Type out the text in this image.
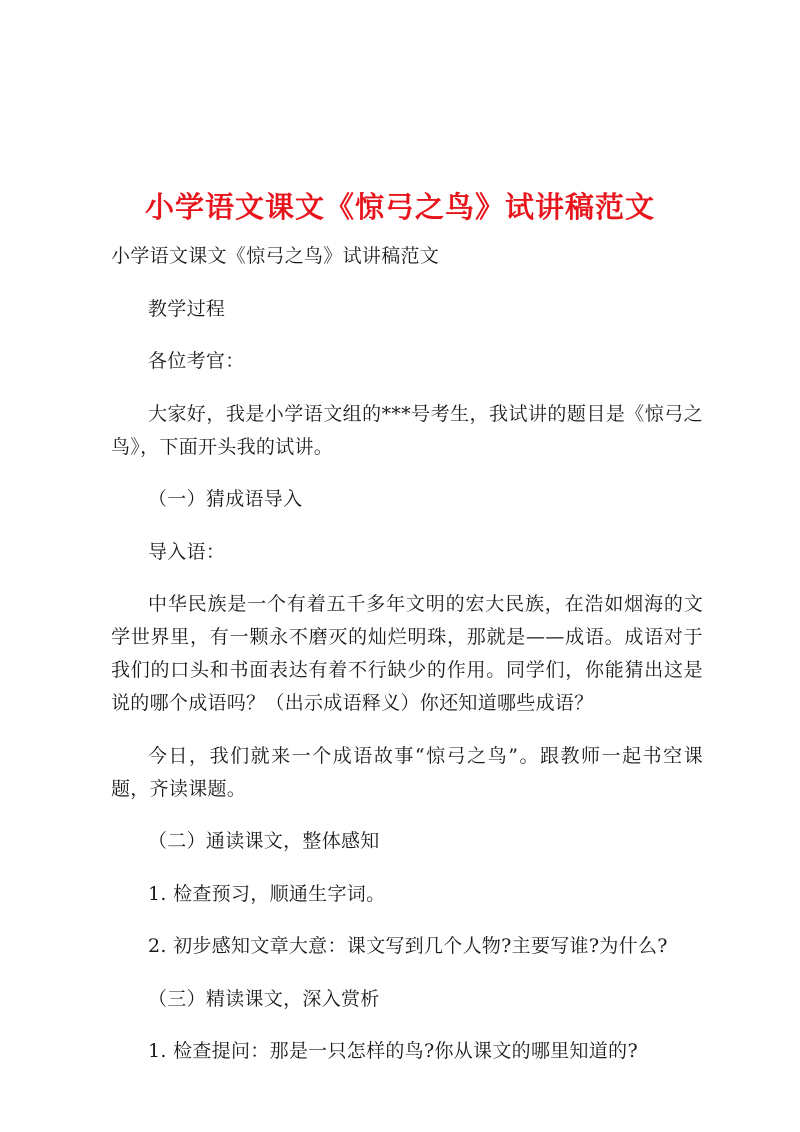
小学语文课文《惊弓之鸟》试讲稿范文

小学语文课文《惊弓之鸟》试讲稿范文

教学过程

各位考官：

大家好，我是小学语文组的***号考生，我试讲的题目是《惊弓之鸟》，下面开头我的试讲。

（一）猜成语导入

导入语：

中华民族是一个有着五千多年文明的宏大民族，在浩如烟海的文学世界里，有一颗永不磨灭的灿烂明珠，那就是——成语。成语对于我们的口头和书面表达有着不行缺少的作用。同学们，你能猜出这是说的哪个成语吗？（出示成语释义）你还知道哪些成语？

今日，我们就来一个成语故事“惊弓之鸟”。跟教师一起书空课题，齐读课题。

（二）通读课文，整体感知

1. 检查预习，顺通生字词。

2. 初步感知文章大意：课文写到几个人物?主要写谁?为什么?

（三）精读课文，深入赏析

1. 检查提问：那是一只怎样的鸟?你从课文的哪里知道的?
